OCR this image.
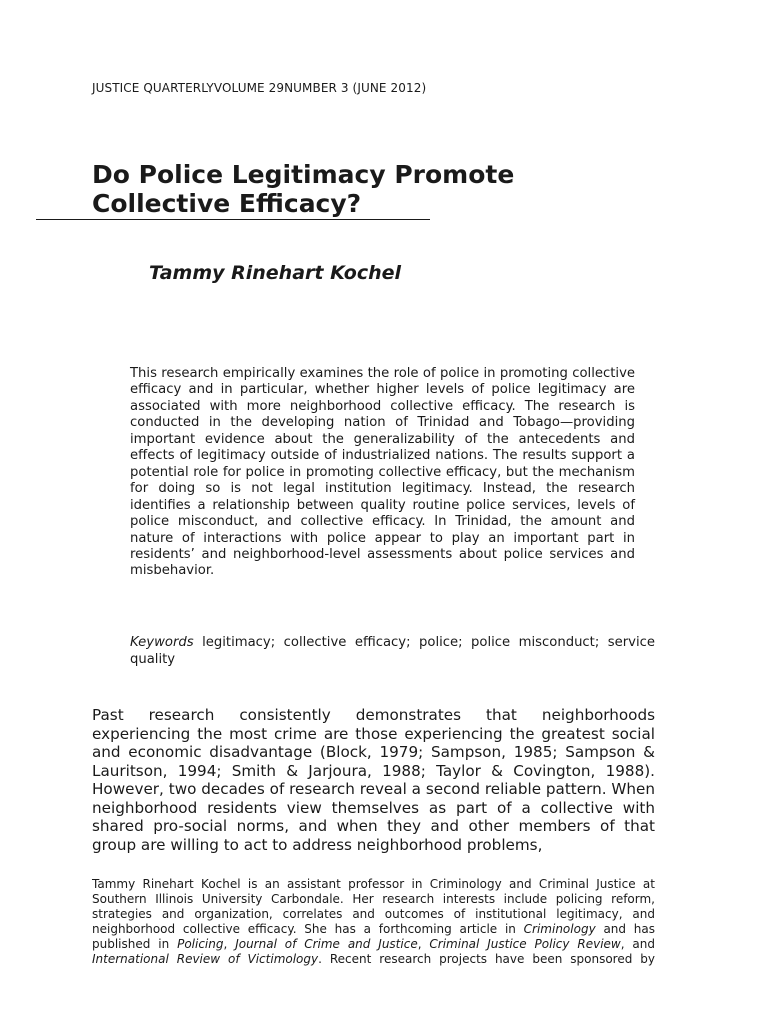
JUSTICE QUARTERLYVOLUME 29NUMBER 3 (JUNE 2012)
Do Police Legitimacy Promote Collective Efficacy?
Tammy Rinehart Kochel

This research empirically examines the role of police in promoting collective efficacy and in particular, whether higher levels of police legitimacy are associated with more neighborhood collective efficacy. The research is conducted in the developing nation of Trinidad and Tobago—providing important evidence about the generalizability of the antecedents and effects of legitimacy outside of industrialized nations. The results support a potential role for police in promoting collective efficacy, but the mechanism for doing so is not legal institution legitimacy. Instead, the research identifies a relationship between quality routine police services, levels of police misconduct, and collective efficacy. In Trinidad, the amount and nature of interactions with police appear to play an important part in residents’ and neighborhood-level assessments about police services and misbehavior.

Keywords legitimacy; collective efficacy; police; police misconduct; service quality

Past research consistently demonstrates that neighborhoods experiencing the most crime are those experiencing the greatest social and economic disadvantage (Block, 1979; Sampson, 1985; Sampson & Lauritson, 1994; Smith & Jarjoura, 1988; Taylor & Covington, 1988). However, two decades of research reveal a second reliable pattern. When neighborhood residents view themselves as part of a collective with shared pro-social norms, and when they and other members of that group are willing to act to address neighborhood problems,

Tammy Rinehart Kochel is an assistant professor in Criminology and Criminal Justice at Southern Illinois University Carbondale. Her research interests include policing reform, strategies and organization, correlates and outcomes of institutional legitimacy, and neighborhood collective efficacy. She has a forthcoming article in Criminology and has published in Policing, Journal of Crime and Justice, Criminal Justice Policy Review, and International Review of Victimology. Recent research projects have been sponsored by
